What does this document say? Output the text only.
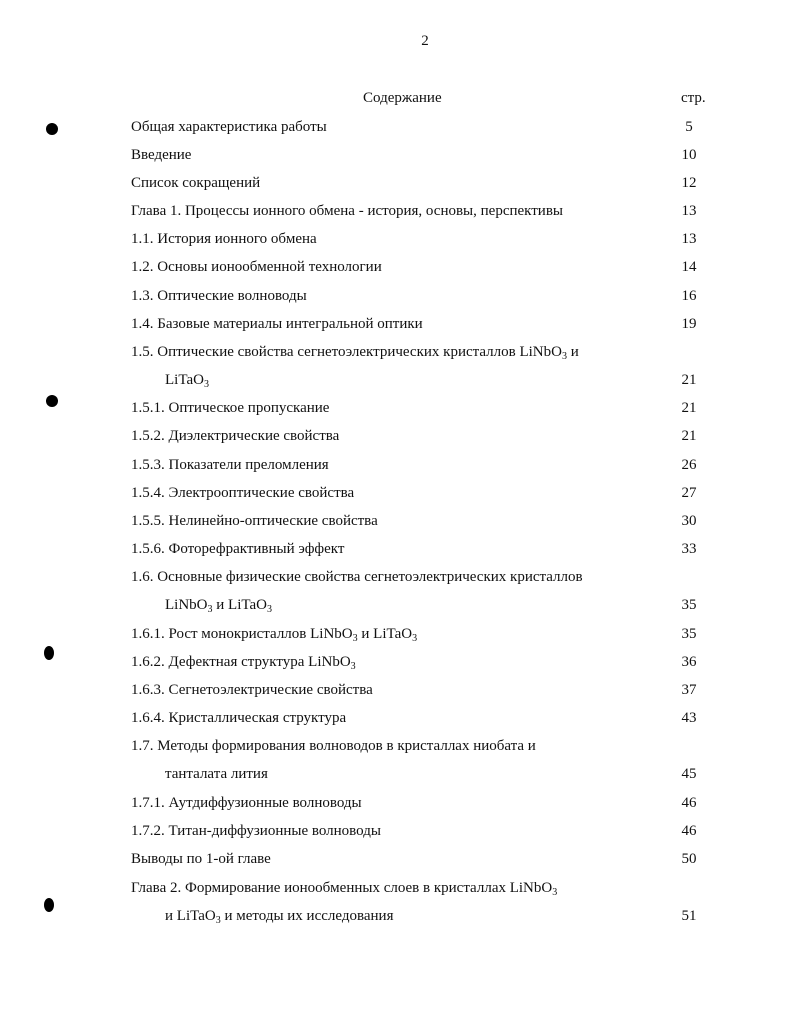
2
Содержание	стр.
Общая характеристика работы	5
Введение	10
Список сокращений	12
Глава 1. Процессы ионного обмена - история, основы, перспективы	13
1.1. История ионного обмена	13
1.2. Основы ионообменной технологии	14
1.3. Оптические волноводы	16
1.4. Базовые материалы интегральной оптики	19
1.5. Оптические свойства сегнетоэлектрических кристаллов LiNbO$_3$ и
LiTaO$_3$	21
1.5.1. Оптическое пропускание	21
1.5.2. Диэлектрические свойства	21
1.5.3. Показатели преломления	26
1.5.4. Электрооптические свойства	27
1.5.5. Нелинейно-оптические свойства	30
1.5.6. Фоторефрактивный эффект	33
1.6. Основные физические свойства сегнетоэлектрических кристаллов
LiNbO$_3$ и LiTaO$_3$	35
1.6.1. Рост монокристаллов LiNbO$_3$ и LiTaO$_3$	35
1.6.2. Дефектная структура LiNbO$_3$	36
1.6.3. Сегнетоэлектрические свойства	37
1.6.4. Кристаллическая структура	43
1.7. Методы формирования волноводов в кристаллах ниобата и
танталата лития	45
1.7.1. Аутдиффузионные волноводы	46
1.7.2. Титан-диффузионные волноводы	46
Выводы по 1-ой главе	50
Глава 2. Формирование ионообменных слоев в кристаллах LiNbO$_3$
и LiTaO$_3$ и методы их исследования	51
